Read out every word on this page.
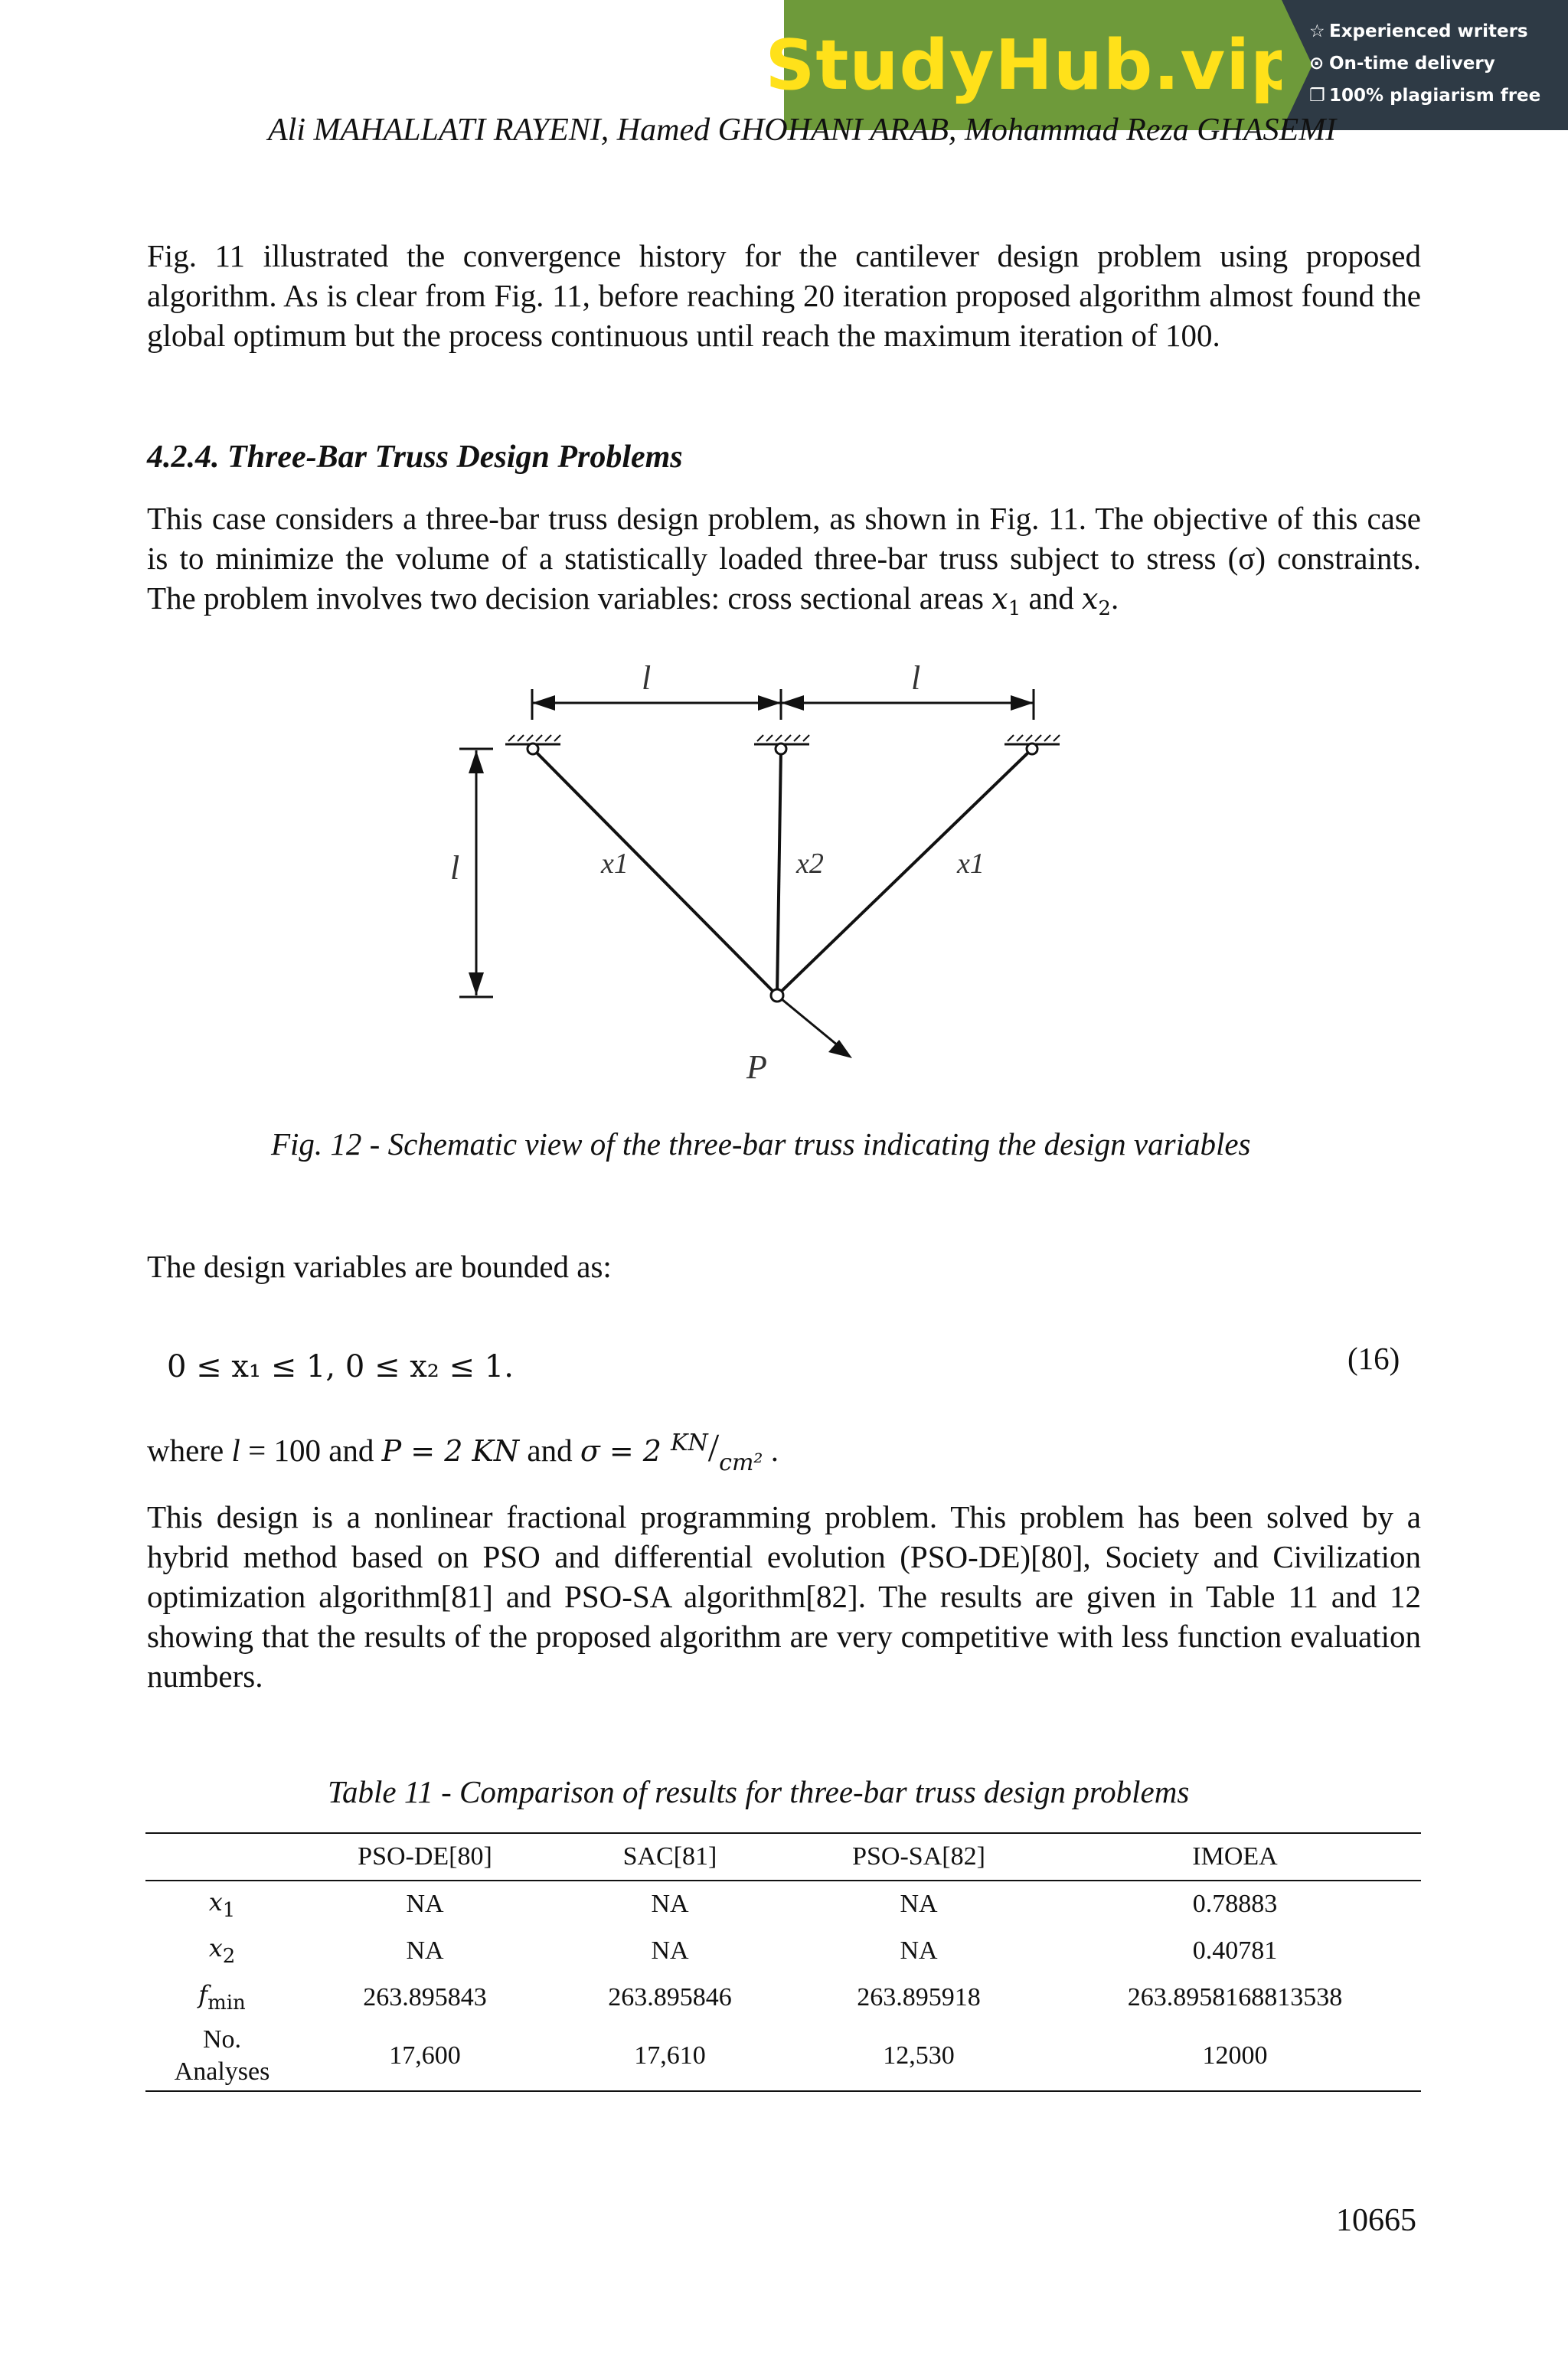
StudyHub.vip ☆ Experienced writers
⊙ On-time delivery
❐ 100% plagiarism free
Ali MAHALLATI RAYENI, Hamed GHOHANI ARAB, Mohammad Reza GHASEMI
Fig. 11 illustrated the convergence history for the cantilever design problem using proposed algorithm. As is clear from Fig. 11, before reaching 20 iteration proposed algorithm almost found the global optimum but the process continuous until reach the maximum iteration of 100.
4.2.4. Three-Bar Truss Design Problems
This case considers a three-bar truss design problem, as shown in Fig. 11. The objective of this case is to minimize the volume of a statistically loaded three-bar truss subject to stress (σ) constraints. The problem involves two decision variables: cross sectional areas $x_1$ and $x_2$.
l	l
l
P
x1	x2	x1
Fig. 12 - Schematic view of the three-bar truss indicating the design variables
The design variables are bounded as:
0 ≤ x₁ ≤ 1, 0 ≤ x₂ ≤ 1.	(16)
where l = 100 and P = 2 KN and σ = 2 $^{KN}/_{cm^2}$ .
This design is a nonlinear fractional programming problem. This problem has been solved by a hybrid method based on PSO and differential evolution (PSO-DE)[80], Society and Civilization optimization algorithm[81] and PSO-SA algorithm[82]. The results are given in Table 11 and 12 showing that the results of the proposed algorithm are very competitive with less function evaluation numbers.
Table 11 - Comparison of results for three-bar truss design problems
	PSO-DE[80]	SAC[81]	PSO-SA[82]	IMOEA
$x_1$	NA	NA	NA	0.78883
$x_2$	NA	NA	NA	0.40781
$f_{min}$	263.895843	263.895846	263.895918	263.8958168813538
No.
Analyses	17,600	17,610	12,530	12000
10665
